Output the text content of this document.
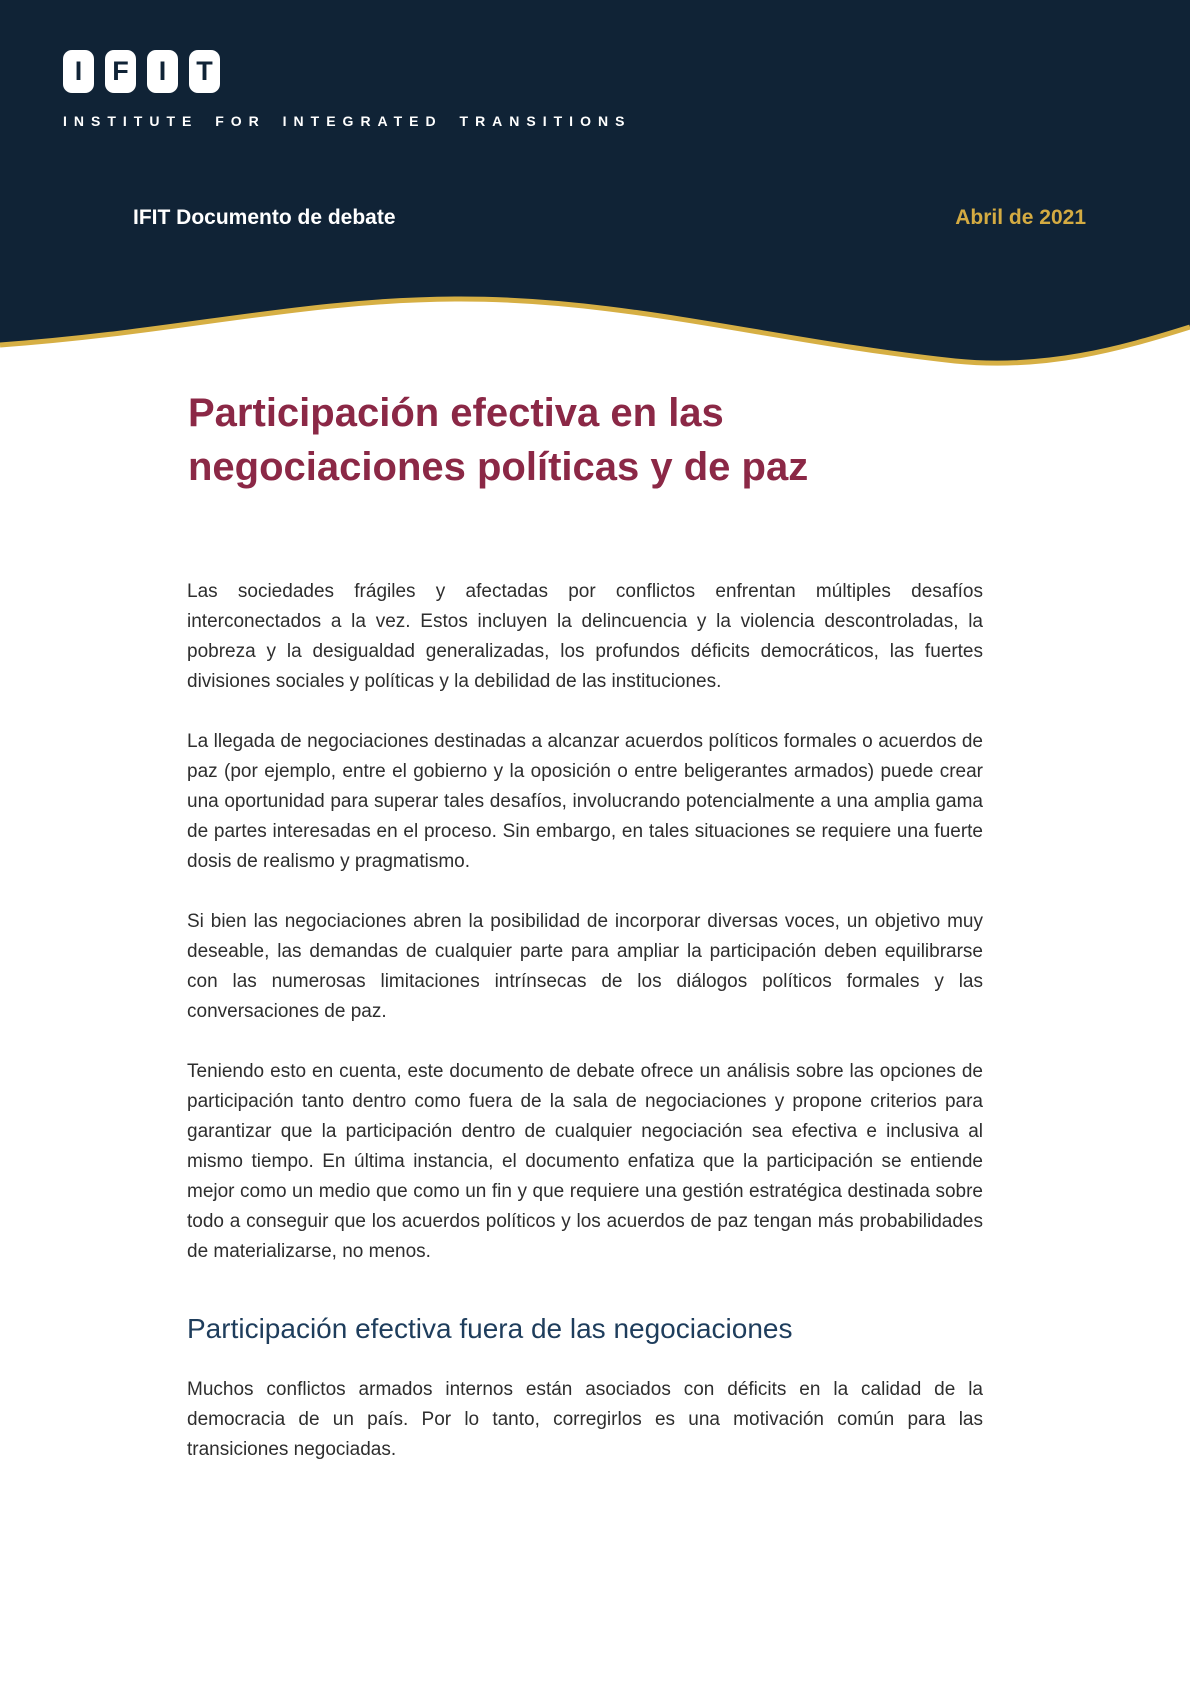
I	F	I	T
INSTITUTE FOR INTEGRATED TRANSITIONS
IFIT Documento de debate	Abril de 2021
Participación efectiva en las negociaciones políticas y de paz

Las sociedades frágiles y afectadas por conflictos enfrentan múltiples desafíos interconectados a la vez. Estos incluyen la delincuencia y la violencia descontroladas, la pobreza y la desigualdad generalizadas, los profundos déficits democráticos, las fuertes divisiones sociales y políticas y la debilidad de las instituciones.

La llegada de negociaciones destinadas a alcanzar acuerdos políticos formales o acuerdos de paz (por ejemplo, entre el gobierno y la oposición o entre beligerantes armados) puede crear una oportunidad para superar tales desafíos, involucrando potencialmente a una amplia gama de partes interesadas en el proceso. Sin embargo, en tales situaciones se requiere una fuerte dosis de realismo y pragmatismo.

Si bien las negociaciones abren la posibilidad de incorporar diversas voces, un objetivo muy deseable, las demandas de cualquier parte para ampliar la participación deben equilibrarse con las numerosas limitaciones intrínsecas de los diálogos políticos formales y las conversaciones de paz.

Teniendo esto en cuenta, este documento de debate ofrece un análisis sobre las opciones de participación tanto dentro como fuera de la sala de negociaciones y propone criterios para garantizar que la participación dentro de cualquier negociación sea efectiva e inclusiva al mismo tiempo. En última instancia, el documento enfatiza que la participación se entiende mejor como un medio que como un fin y que requiere una gestión estratégica destinada sobre todo a conseguir que los acuerdos políticos y los acuerdos de paz tengan más probabilidades de materializarse, no menos.

Participación efectiva fuera de las negociaciones

Muchos conflictos armados internos están asociados con déficits en la calidad de la democracia de un país. Por lo tanto, corregirlos es una motivación común para las transiciones negociadas.
